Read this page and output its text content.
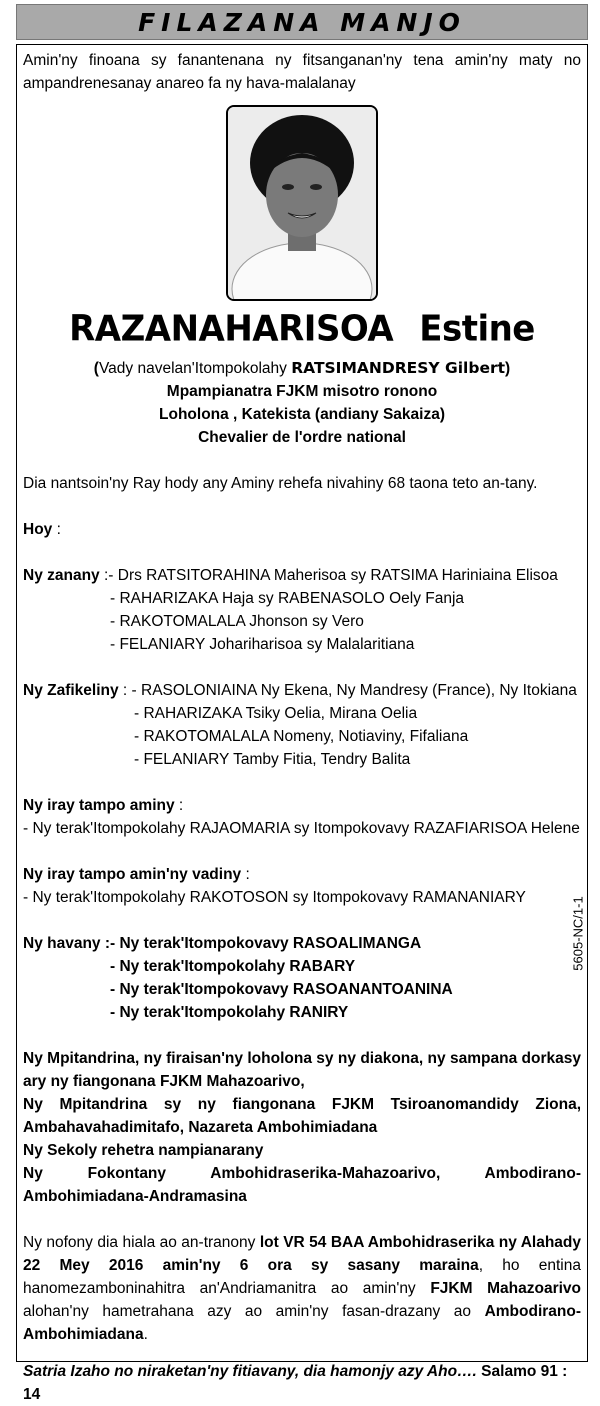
FILAZANA MANJO

Amin'ny finoana sy fanantenana ny fitsanganan'ny tena amin'ny maty no ampandrenesanay anareo fa ny hava-malalanay

RAZANAHARISOA Estine

(Vady navelan'Itompokolahy RATSIMANDRESY Gilbert)

Mpampianatra FJKM misotro ronono

Loholona , Katekista (andiany Sakaiza)

Chevalier de l'ordre national

Dia nantsoin'ny Ray hody any Aminy rehefa nivahiny 68 taona teto an-tany.

Hoy :

Ny zanany :- Drs RATSITORAHINA Maherisoa sy RATSIMA Hariniaina Elisoa

- RAHARIZAKA Haja sy RABENASOLO Oely Fanja

- RAKOTOMALALA Jhonson sy Vero

- FELANIARY Johariharisoa sy Malalaritiana

Ny Zafikeliny : - RASOLONIAINA Ny Ekena, Ny Mandresy (France), Ny Itokiana

- RAHARIZAKA Tsiky Oelia, Mirana Oelia

- RAKOTOMALALA Nomeny, Notiaviny, Fifaliana

- FELANIARY Tamby Fitia, Tendry Balita

Ny iray tampo aminy :

- Ny terak'Itompokolahy RAJAOMARIA sy Itompokovavy RAZAFIARISOA Helene

Ny iray tampo amin'ny vadiny :

- Ny terak'Itompokolahy RAKOTOSON sy Itompokovavy RAMANANIARY

Ny havany :- Ny terak'Itompokovavy RASOALIMANGA

- Ny terak'Itompokolahy RABARY

- Ny terak'Itompokovavy RASOANANTOANINA

- Ny terak'Itompokolahy RANIRY

Ny Mpitandrina, ny firaisan'ny loholona sy ny diakona, ny sampana dorkasy ary ny fiangonana FJKM Mahazoarivo,

Ny Mpitandrina sy ny fiangonana FJKM Tsiroanomandidy Ziona, Ambahavahadimitafo, Nazareta Ambohimiadana

Ny Sekoly rehetra nampianarany

Ny Fokontany Ambohidraserika-Mahazoarivo, Ambodirano- Ambohimiadana-Andramasina

Ny nofony dia hiala ao an-tranony lot VR 54 BAA Ambohidraserika ny Alahady 22 Mey 2016 amin'ny 6 ora sy sasany maraina, ho entina hanomezamboninahitra an'Andriamanitra ao amin'ny FJKM Mahazoarivo alohan'ny hametrahana azy ao amin'ny fasan-drazany ao Ambodirano-Ambohimiadana.

Satria Izaho no niraketan'ny fitiavany, dia hamonjy azy Aho…. Salamo 91 : 14

5605-NC/1-1
